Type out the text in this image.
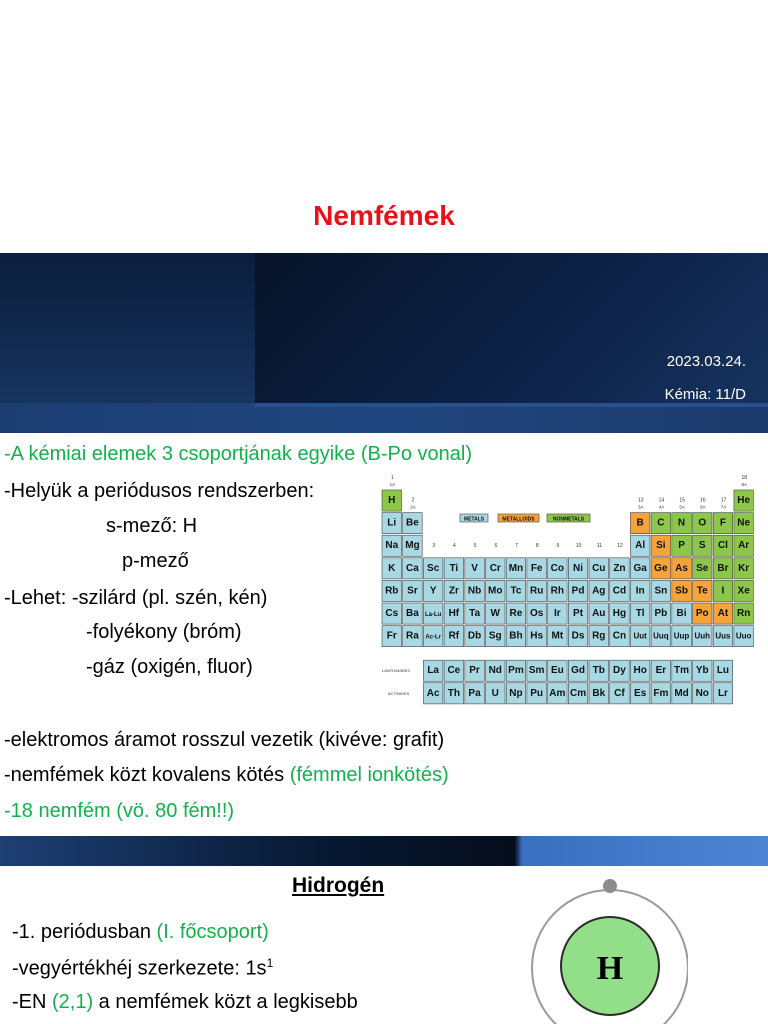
Nemfémek
2023.03.24.
Kémia: 11/D
-A kémiai elemek 3 csoportjának egyike (B-Po vonal)
-Helyük a periódusos rendszerben:
s-mező: H
p-mező
-Lehet: -szilárd (pl. szén, kén)
-folyékony (bróm)
-gáz (oxigén, fluor)
1
2
3	4	5	6	7	8	9	10	11	12
13	14	15	16	17
18
1A
2A	3A	4A	5A	6A	7A
8A
METALS	METALLOIDS	NONMETALS
H	He
Li Be	B C N O F Ne
Na Mg	Al Si P S Cl Ar
K Ca Sc Ti V Cr Mn Fe Co Ni Cu Zn Ga Ge As Se Br Kr
Rb Sr Y Zr Nb Mo Tc Ru Rh Pd Ag Cd In Sn Sb Te I Xe
Cs Ba La-Lu Hf Ta W Re Os Ir Pt Au Hg Tl Pb Bi Po At Rn
Fr Ra Ac-Lr Rf Db Sg Bh Hs Mt Ds Rg Cn Uut Uuq Uup Uuh Uus Uuo
LANTHANIDES
ACTINIDES
La Ce Pr Nd Pm Sm Eu Gd Tb Dy Ho Er Tm Yb Lu
Ac Th Pa U Np Pu Am Cm Bk Cf Es Fm Md No Lr
-elektromos áramot rosszul vezetik (kivéve: grafit)
-nemfémek közt kovalens kötés (fémmel ionkötés)
-18 nemfém (vö. 80 fém!!)
Hidrogén
-1. periódusban (I. főcsoport)
-vegyértékhéj szerkezete: $1s^1$
-EN (2,1) a nemfémek közt a legkisebb
H
